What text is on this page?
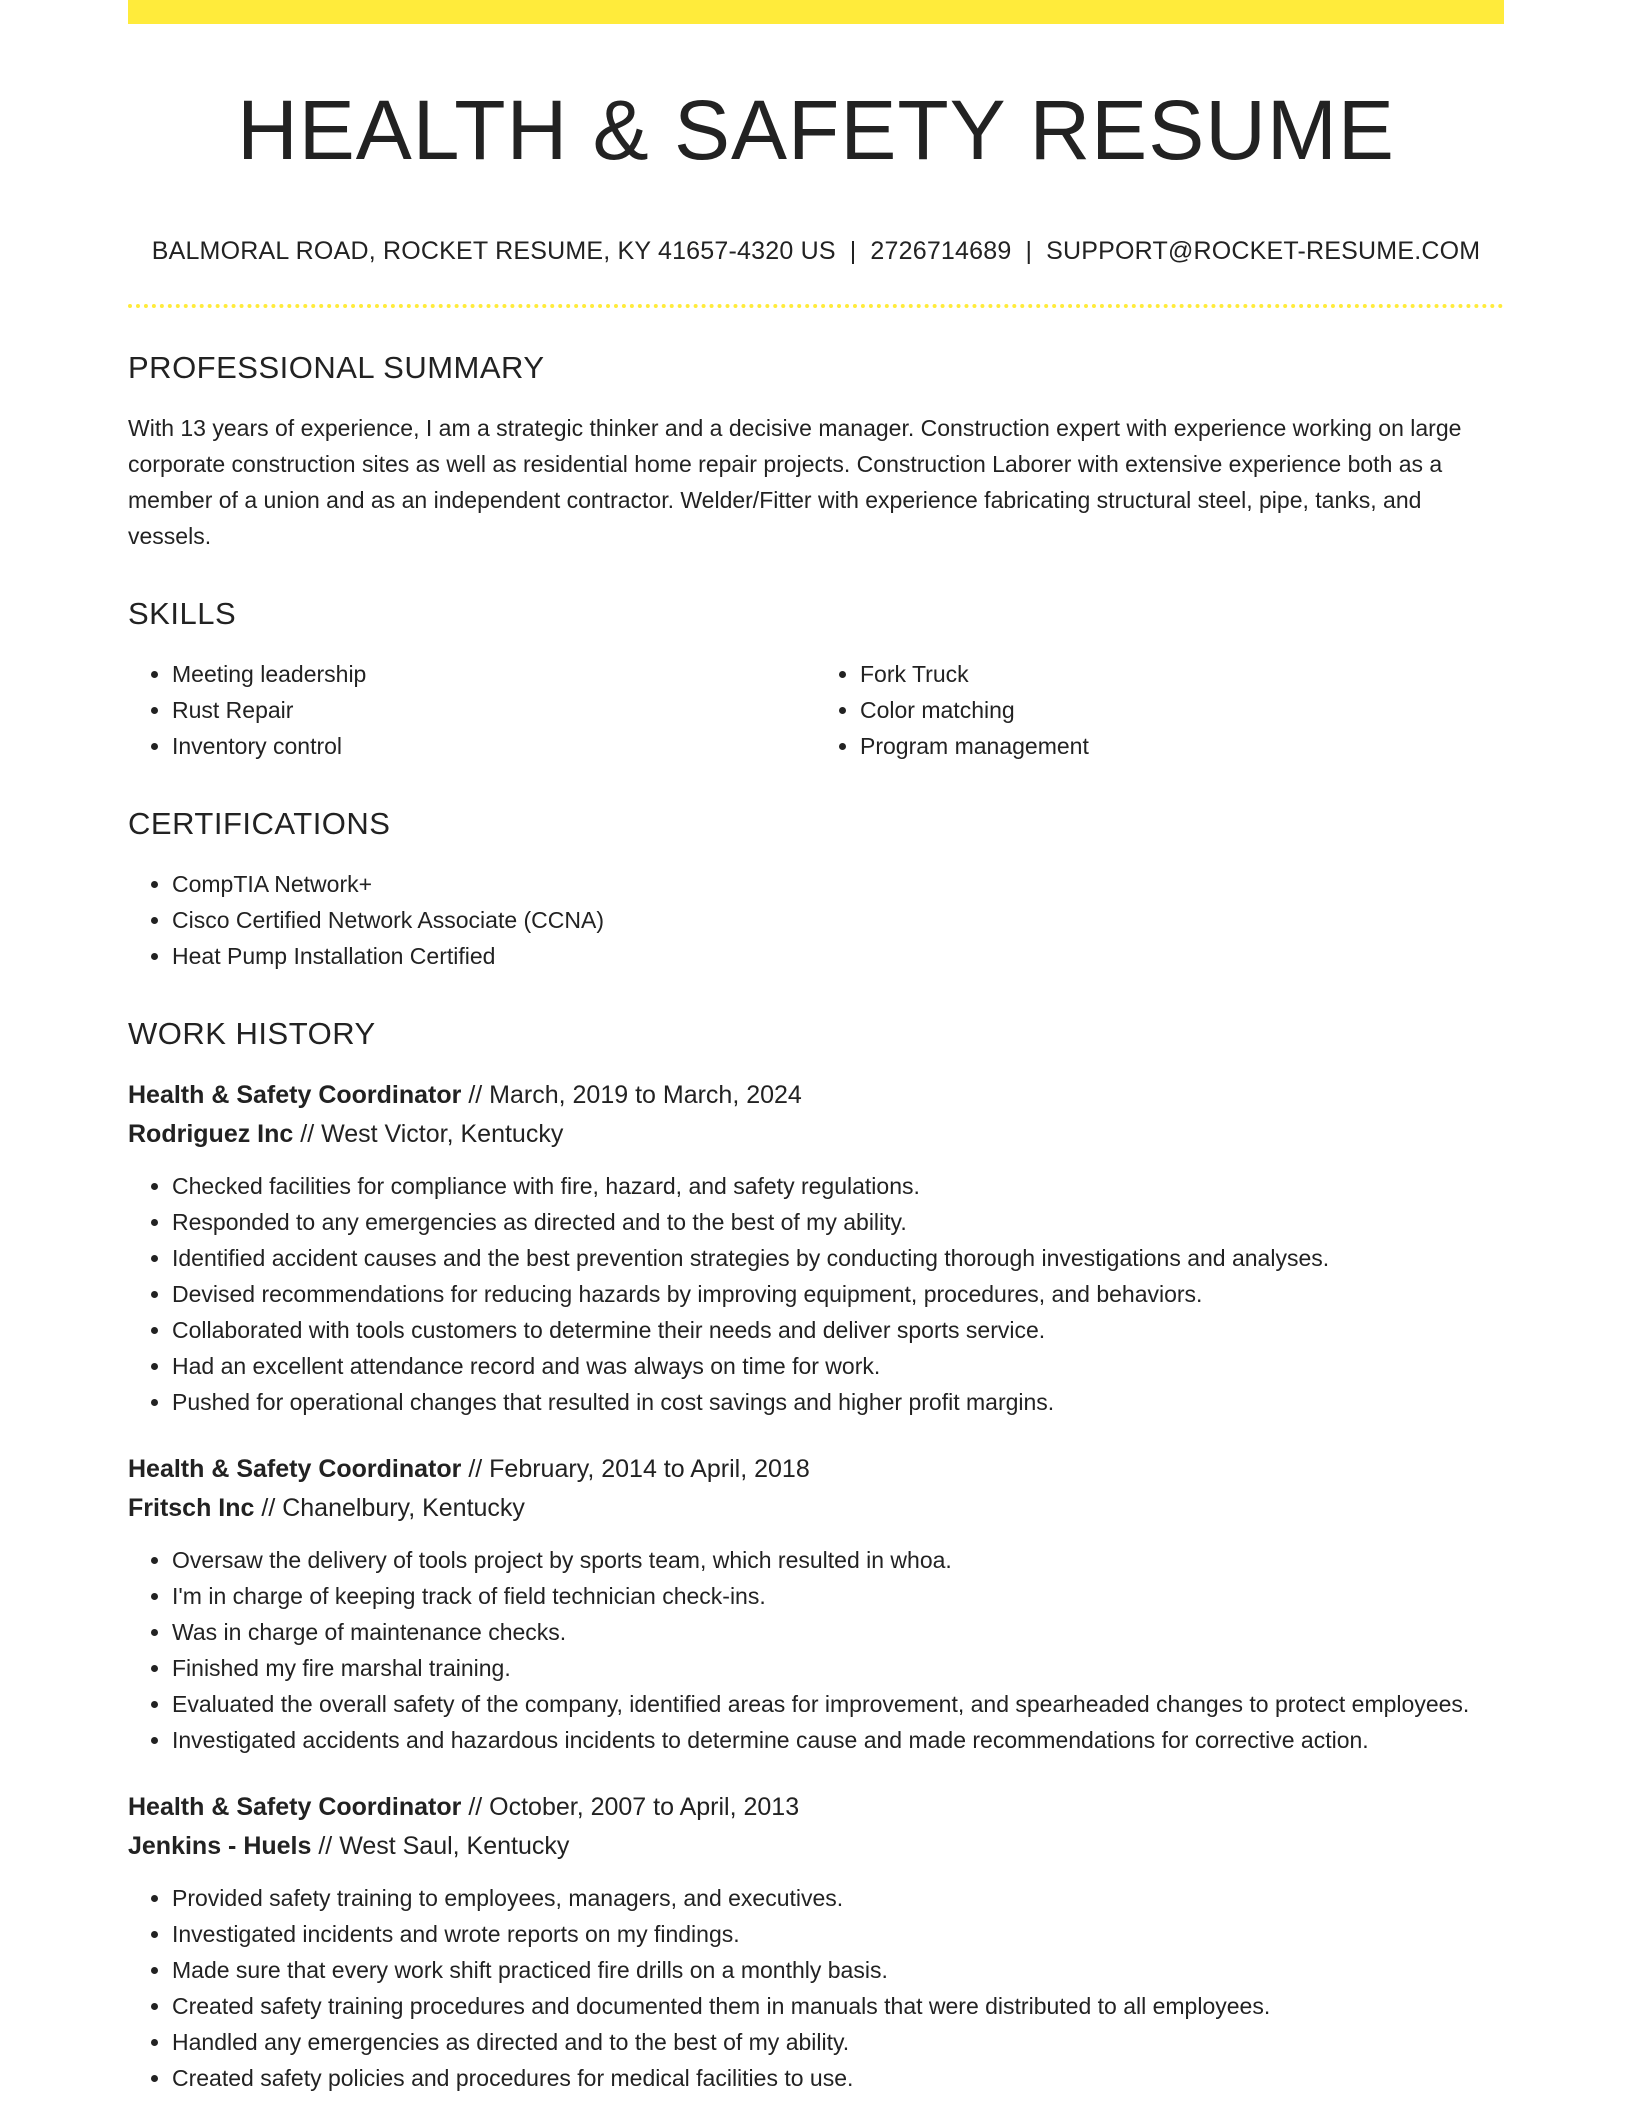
HEALTH & SAFETY RESUME
BALMORAL ROAD, ROCKET RESUME, KY 41657-4320 US | 2726714689 | SUPPORT@ROCKET-RESUME.COM
PROFESSIONAL SUMMARY

With 13 years of experience, I am a strategic thinker and a decisive manager. Construction expert with experience working on large corporate construction sites as well as residential home repair projects. Construction Laborer with extensive experience both as a member of a union and as an independent contractor. Welder/Fitter with experience fabricating structural steel, pipe, tanks, and vessels.

SKILLS
• Meeting leadership
• Rust Repair
• Inventory control
• Fork Truck
• Color matching
• Program management
CERTIFICATIONS
• CompTIA Network+
• Cisco Certified Network Associate (CCNA)
• Heat Pump Installation Certified
WORK HISTORY
Health & Safety Coordinator // March, 2019 to March, 2024
Rodriguez Inc // West Victor, Kentucky
• Checked facilities for compliance with fire, hazard, and safety regulations.
• Responded to any emergencies as directed and to the best of my ability.
• Identified accident causes and the best prevention strategies by conducting thorough investigations and analyses.
• Devised recommendations for reducing hazards by improving equipment, procedures, and behaviors.
• Collaborated with tools customers to determine their needs and deliver sports service.
• Had an excellent attendance record and was always on time for work.
• Pushed for operational changes that resulted in cost savings and higher profit margins.
Health & Safety Coordinator // February, 2014 to April, 2018
Fritsch Inc // Chanelbury, Kentucky
• Oversaw the delivery of tools project by sports team, which resulted in whoa.
• I'm in charge of keeping track of field technician check-ins.
• Was in charge of maintenance checks.
• Finished my fire marshal training.
• Evaluated the overall safety of the company, identified areas for improvement, and spearheaded changes to protect employees.
• Investigated accidents and hazardous incidents to determine cause and made recommendations for corrective action.
Health & Safety Coordinator // October, 2007 to April, 2013
Jenkins - Huels // West Saul, Kentucky
• Provided safety training to employees, managers, and executives.
• Investigated incidents and wrote reports on my findings.
• Made sure that every work shift practiced fire drills on a monthly basis.
• Created safety training procedures and documented them in manuals that were distributed to all employees.
• Handled any emergencies as directed and to the best of my ability.
• Created safety policies and procedures for medical facilities to use.
